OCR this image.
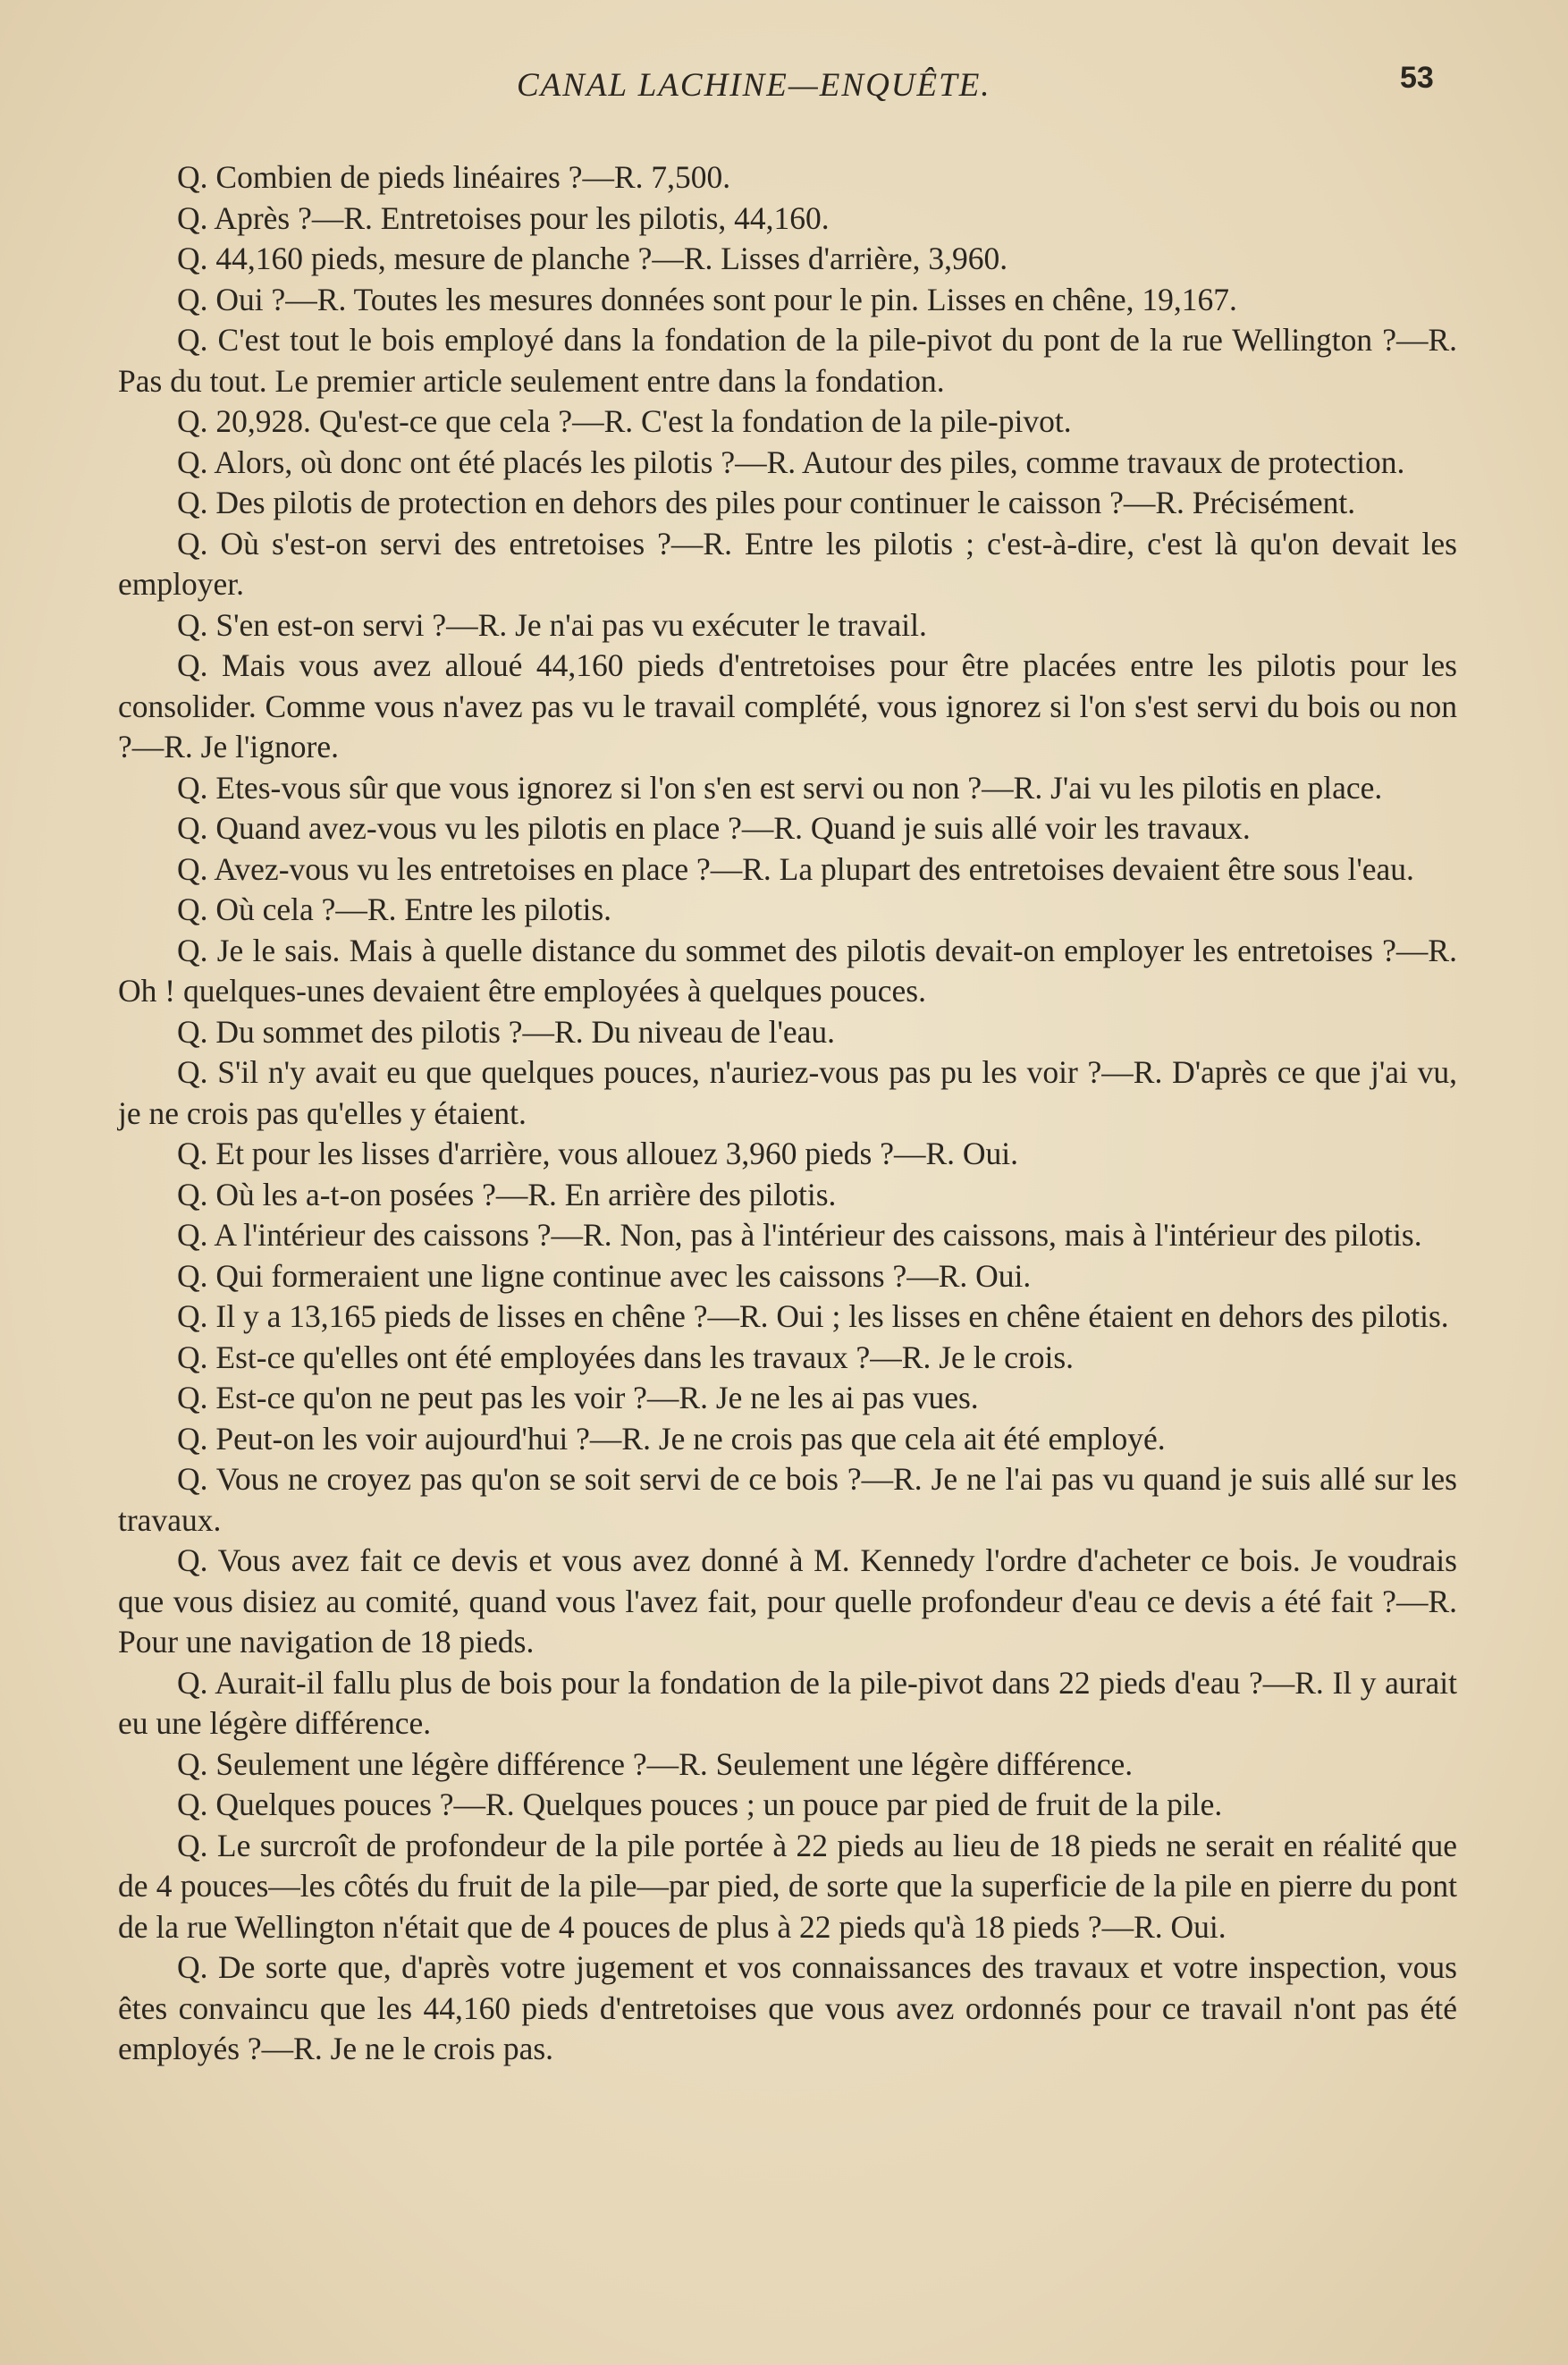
CANAL LACHINE—ENQUÊTE.	53

Q. Combien de pieds linéaires ?—R. 7,500.

Q. Après ?—R. Entretoises pour les pilotis, 44,160.

Q. 44,160 pieds, mesure de planche ?—R. Lisses d'arrière, 3,960.

Q. Oui ?—R. Toutes les mesures données sont pour le pin. Lisses en chêne, 19,167.

Q. C'est tout le bois employé dans la fondation de la pile-pivot du pont de la rue Wellington ?—R. Pas du tout. Le premier article seulement entre dans la fondation.

Q. 20,928. Qu'est-ce que cela ?—R. C'est la fondation de la pile-pivot.

Q. Alors, où donc ont été placés les pilotis ?—R. Autour des piles, comme travaux de protection.

Q. Des pilotis de protection en dehors des piles pour continuer le caisson ?—R. Précisément.

Q. Où s'est-on servi des entretoises ?—R. Entre les pilotis ; c'est-à-dire, c'est là qu'on devait les employer.

Q. S'en est-on servi ?—R. Je n'ai pas vu exécuter le travail.

Q. Mais vous avez alloué 44,160 pieds d'entretoises pour être placées entre les pilotis pour les consolider. Comme vous n'avez pas vu le travail complété, vous ignorez si l'on s'est servi du bois ou non ?—R. Je l'ignore.

Q. Etes-vous sûr que vous ignorez si l'on s'en est servi ou non ?—R. J'ai vu les pilotis en place.

Q. Quand avez-vous vu les pilotis en place ?—R. Quand je suis allé voir les travaux.

Q. Avez-vous vu les entretoises en place ?—R. La plupart des entretoises devaient être sous l'eau.

Q. Où cela ?—R. Entre les pilotis.

Q. Je le sais. Mais à quelle distance du sommet des pilotis devait-on employer les entretoises ?—R. Oh ! quelques-unes devaient être employées à quelques pouces.

Q. Du sommet des pilotis ?—R. Du niveau de l'eau.

Q. S'il n'y avait eu que quelques pouces, n'auriez-vous pas pu les voir ?—R. D'après ce que j'ai vu, je ne crois pas qu'elles y étaient.

Q. Et pour les lisses d'arrière, vous allouez 3,960 pieds ?—R. Oui.

Q. Où les a-t-on posées ?—R. En arrière des pilotis.

Q. A l'intérieur des caissons ?—R. Non, pas à l'intérieur des caissons, mais à l'intérieur des pilotis.

Q. Qui formeraient une ligne continue avec les caissons ?—R. Oui.

Q. Il y a 13,165 pieds de lisses en chêne ?—R. Oui ; les lisses en chêne étaient en dehors des pilotis.

Q. Est-ce qu'elles ont été employées dans les travaux ?—R. Je le crois.

Q. Est-ce qu'on ne peut pas les voir ?—R. Je ne les ai pas vues.

Q. Peut-on les voir aujourd'hui ?—R. Je ne crois pas que cela ait été employé.

Q. Vous ne croyez pas qu'on se soit servi de ce bois ?—R. Je ne l'ai pas vu quand je suis allé sur les travaux.

Q. Vous avez fait ce devis et vous avez donné à M. Kennedy l'ordre d'acheter ce bois. Je voudrais que vous disiez au comité, quand vous l'avez fait, pour quelle profondeur d'eau ce devis a été fait ?—R. Pour une navigation de 18 pieds.

Q. Aurait-il fallu plus de bois pour la fondation de la pile-pivot dans 22 pieds d'eau ?—R. Il y aurait eu une légère différence.

Q. Seulement une légère différence ?—R. Seulement une légère différence.

Q. Quelques pouces ?—R. Quelques pouces ; un pouce par pied de fruit de la pile.

Q. Le surcroît de profondeur de la pile portée à 22 pieds au lieu de 18 pieds ne serait en réalité que de 4 pouces—les côtés du fruit de la pile—par pied, de sorte que la superficie de la pile en pierre du pont de la rue Wellington n'était que de 4 pouces de plus à 22 pieds qu'à 18 pieds ?—R. Oui.

Q. De sorte que, d'après votre jugement et vos connaissances des travaux et votre inspection, vous êtes convaincu que les 44,160 pieds d'entretoises que vous avez ordonnés pour ce travail n'ont pas été employés ?—R. Je ne le crois pas.
